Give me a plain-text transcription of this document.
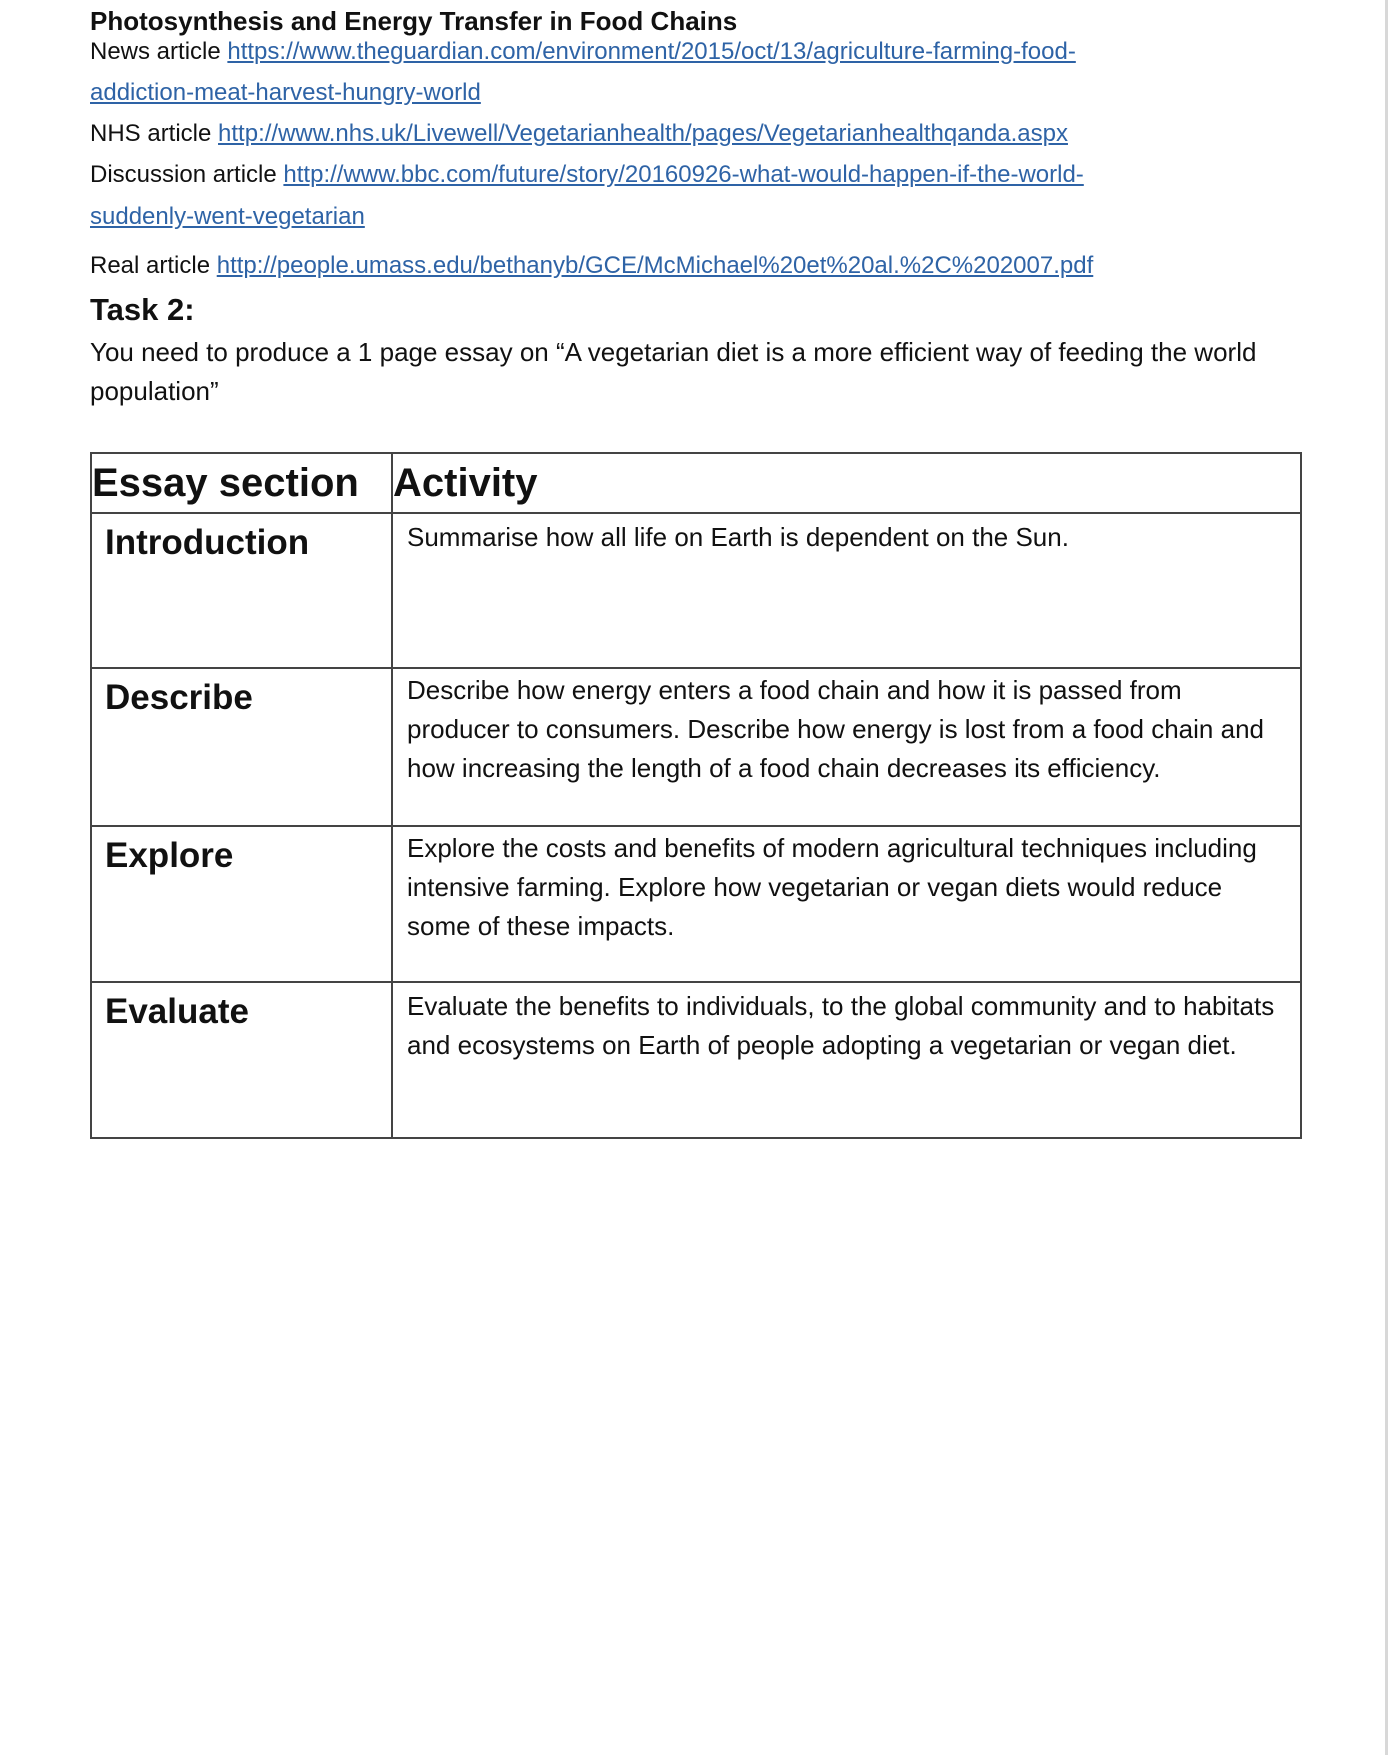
Photosynthesis and Energy Transfer in Food Chains
News article https://www.theguardian.com/environment/2015/oct/13/agriculture-farming-food-
addiction-meat-harvest-hungry-world
NHS article http://www.nhs.uk/Livewell/Vegetarianhealth/pages/Vegetarianhealthqanda.aspx
Discussion article http://www.bbc.com/future/story/20160926-what-would-happen-if-the-world-
suddenly-went-vegetarian
Real article http://people.umass.edu/bethanyb/GCE/McMichael%20et%20al.%2C%202007.pdf
Task 2:
You need to produce a 1 page essay on “A vegetarian diet is a more efficient way of feeding the world population”
Essay section	Activity
Introduction	Summarise how all life on Earth is dependent on the Sun.
Describe	Describe how energy enters a food chain and how it is passed from producer to consumers. Describe how energy is lost from a food chain and how increasing the length of a food chain decreases its efficiency.
Explore	Explore the costs and benefits of modern agricultural techniques including intensive farming. Explore how vegetarian or vegan diets would reduce some of these impacts.
Evaluate	Evaluate the benefits to individuals, to the global community and to habitats and ecosystems on Earth of people adopting a vegetarian or vegan diet.
